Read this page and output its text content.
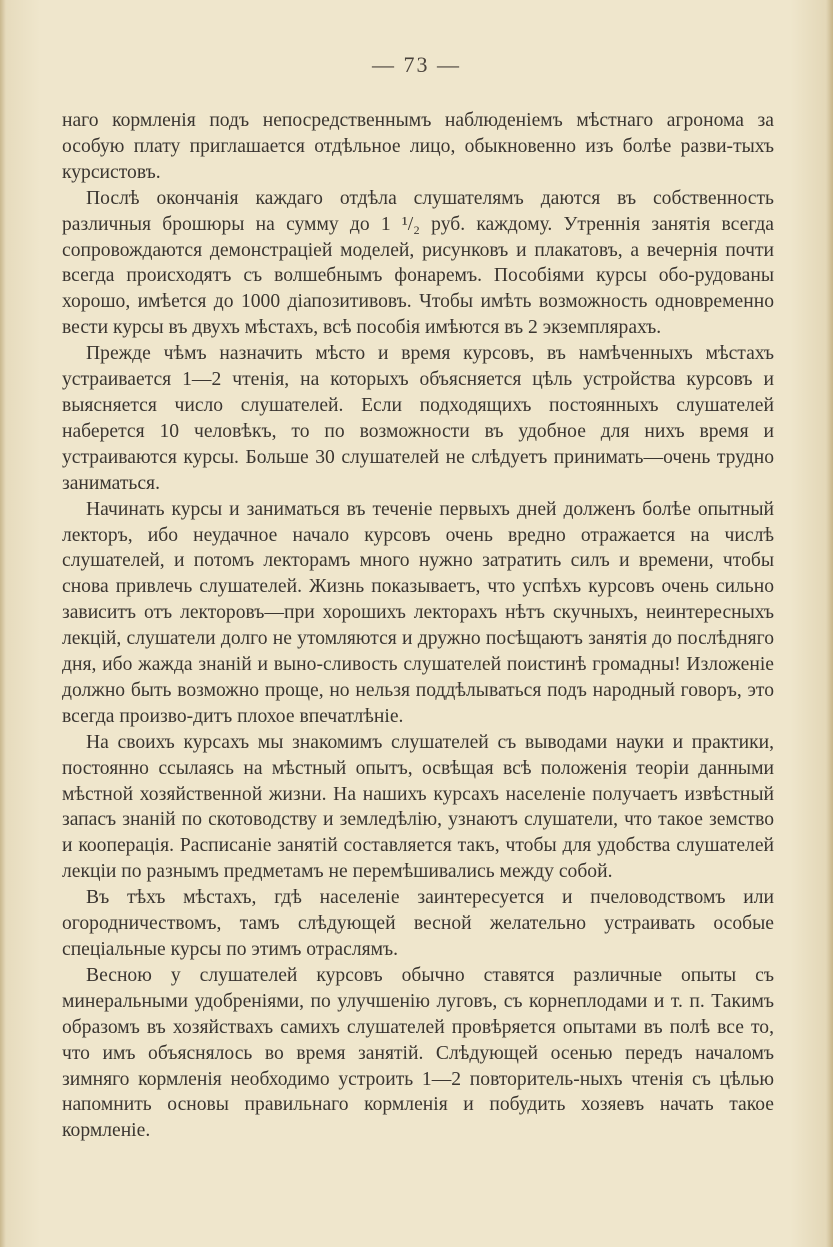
— 73 —

наго кормленія подъ непосредственнымъ наблюденіемъ мѣстнаго агронома за особую плату приглашается отдѣльное лицо, обыкновенно изъ болѣе разви-тыхъ курсистовъ.

Послѣ окончанія каждаго отдѣла слушателямъ даются въ собственность различныя брошюры на сумму до 1 ¹/₂ руб. каждому. Утреннія занятія всегда сопровождаются демонстраціей моделей, рисунковъ и плакатовъ, а вечернія почти всегда происходятъ съ волшебнымъ фонаремъ. Пособіями курсы обо-рудованы хорошо, имѣется до 1000 діапозитивовъ. Чтобы имѣть возможность одновременно вести курсы въ двухъ мѣстахъ, всѣ пособія имѣются въ 2 экземплярахъ.

Прежде чѣмъ назначить мѣсто и время курсовъ, въ намѣченныхъ мѣстахъ устраивается 1—2 чтенія, на которыхъ объясняется цѣль устройства курсовъ и выясняется число слушателей. Если подходящихъ постоянныхъ слушателей наберется 10 человѣкъ, то по возможности въ удобное для нихъ время и устраиваются курсы. Больше 30 слушателей не слѣдуетъ принимать—очень трудно заниматься.

Начинать курсы и заниматься въ теченіе первыхъ дней долженъ болѣе опытный лекторъ, ибо неудачное начало курсовъ очень вредно отражается на числѣ слушателей, и потомъ лекторамъ много нужно затратить силъ и времени, чтобы снова привлечь слушателей. Жизнь показываетъ, что успѣхъ курсовъ очень сильно зависитъ отъ лекторовъ—при хорошихъ лекторахъ нѣтъ скучныхъ, неинтересныхъ лекцій, слушатели долго не утомляются и дружно посѣщаютъ занятія до послѣдняго дня, ибо жажда знаній и выно-сливость слушателей поистинѣ громадны! Изложеніе должно быть возможно проще, но нельзя поддѣлываться подъ народный говоръ, это всегда произво-дитъ плохое впечатлѣніе.

На своихъ курсахъ мы знакомимъ слушателей съ выводами науки и практики, постоянно ссылаясь на мѣстный опытъ, освѣщая всѣ положенія теоріи данными мѣстной хозяйственной жизни. На нашихъ курсахъ населеніе получаетъ извѣстный запасъ знаній по скотоводству и земледѣлію, узнаютъ слушатели, что такое земство и кооперація. Расписаніе занятій составляется такъ, чтобы для удобства слушателей лекціи по разнымъ предметамъ не перемѣшивались между собой.

Въ тѣхъ мѣстахъ, гдѣ населеніе заинтересуется и пчеловодствомъ или огородничествомъ, тамъ слѣдующей весной желательно устраивать особые спеціальные курсы по этимъ отраслямъ.

Весною у слушателей курсовъ обычно ставятся различные опыты съ минеральными удобреніями, по улучшенію луговъ, съ корнеплодами и т. п. Такимъ образомъ въ хозяйствахъ самихъ слушателей провѣряется опытами въ полѣ все то, что имъ объяснялось во время занятій. Слѣдующей осенью передъ началомъ зимняго кормленія необходимо устроить 1—2 повторитель-ныхъ чтенія съ цѣлью напомнить основы правильнаго кормленія и побудить хозяевъ начать такое кормленіе.
